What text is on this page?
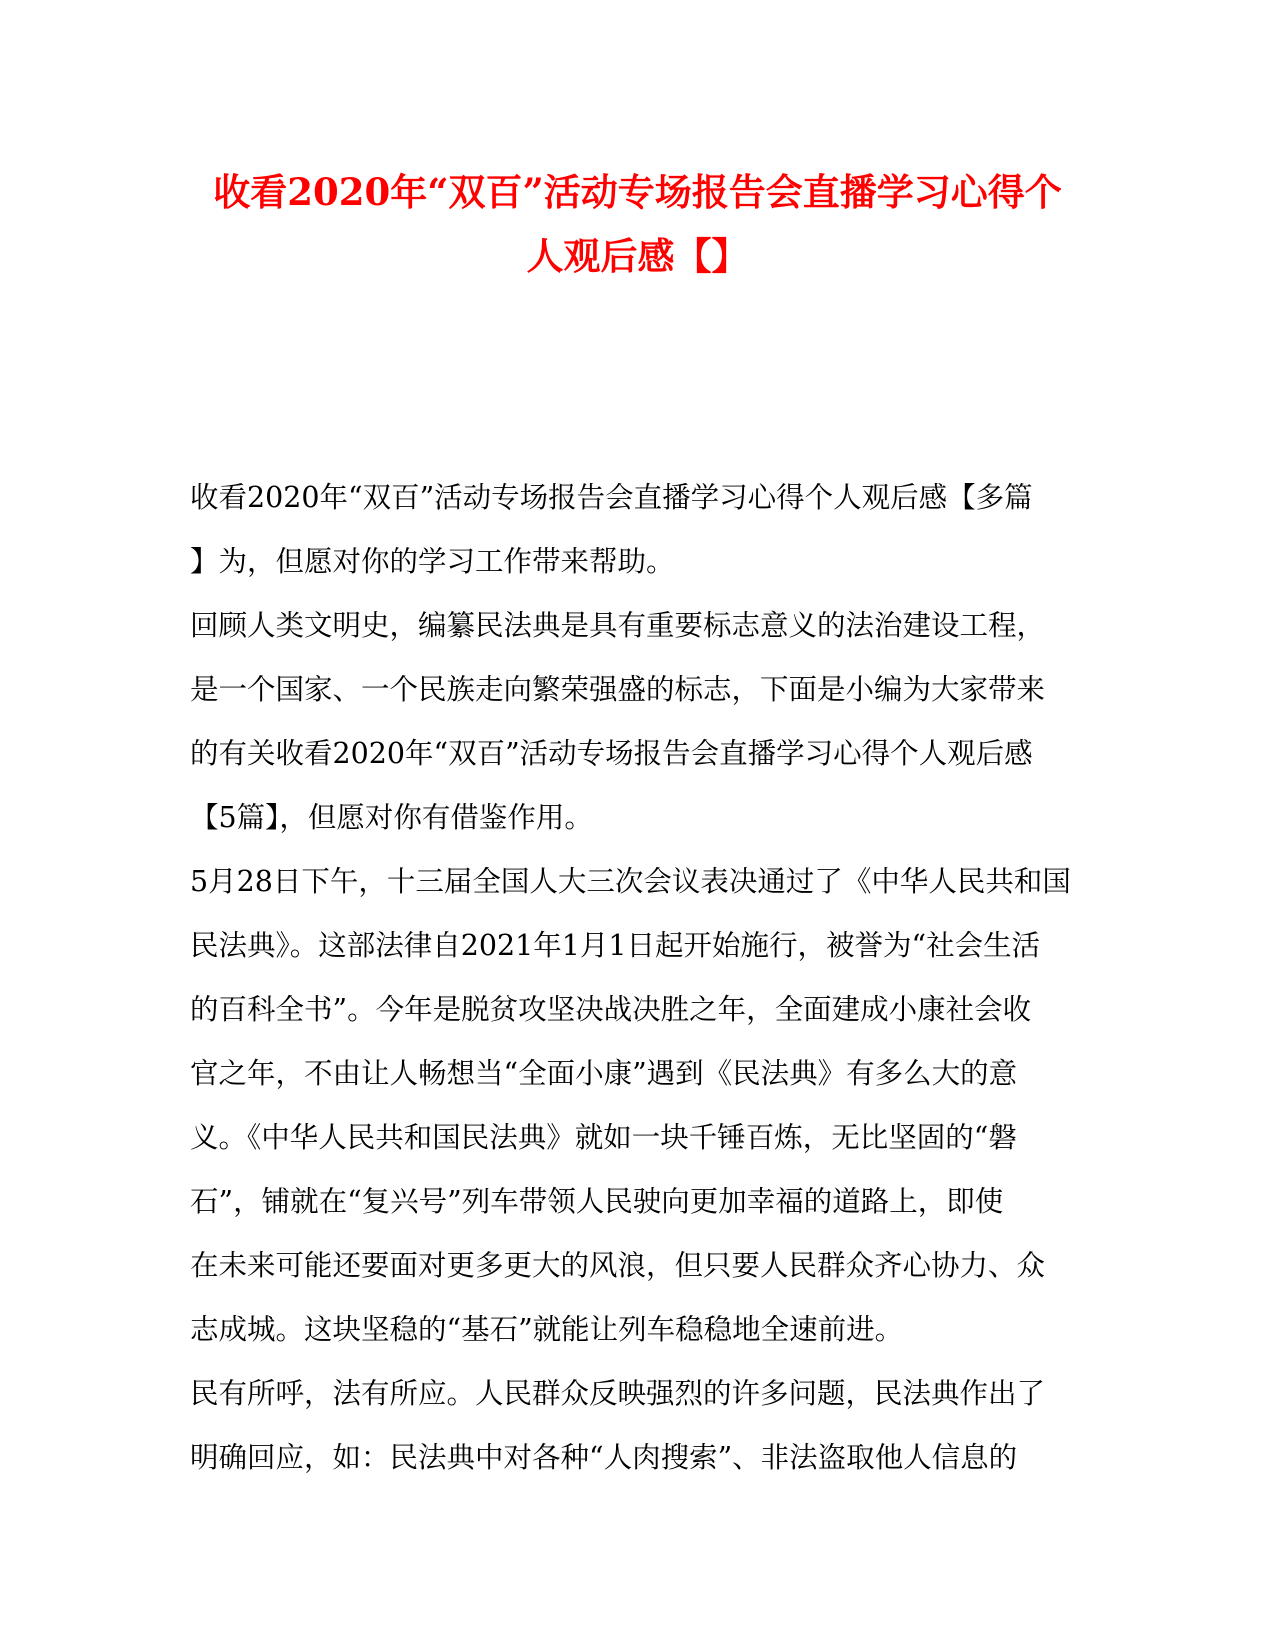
收看2020年“双百”活动专场报告会直播学习心得个
人观后感【】
收看2020年“双百”活动专场报告会直播学习心得个人观后感【多篇
】为，但愿对你的学习工作带来帮助。
回顾人类文明史，编纂民法典是具有重要标志意义的法治建设工程，
是一个国家、一个民族走向繁荣强盛的标志，下面是小编为大家带来
的有关收看2020年“双百”活动专场报告会直播学习心得个人观后感
【5篇】，但愿对你有借鉴作用。
5月28日下午，十三届全国人大三次会议表决通过了《中华人民共和国
民法典》。这部法律自2021年1月1日起开始施行，被誉为“社会生活
的百科全书”。今年是脱贫攻坚决战决胜之年，全面建成小康社会收
官之年，不由让人畅想当“全面小康”遇到《民法典》有多么大的意
义。《中华人民共和国民法典》就如一块千锤百炼，无比坚固的“磐
石”，铺就在“复兴号”列车带领人民驶向更加幸福的道路上，即使
在未来可能还要面对更多更大的风浪，但只要人民群众齐心协力、众
志成城。这块坚稳的“基石”就能让列车稳稳地全速前进。
民有所呼，法有所应。人民群众反映强烈的许多问题，民法典作出了
明确回应，如：民法典中对各种“人肉搜索”、非法盗取他人信息的
